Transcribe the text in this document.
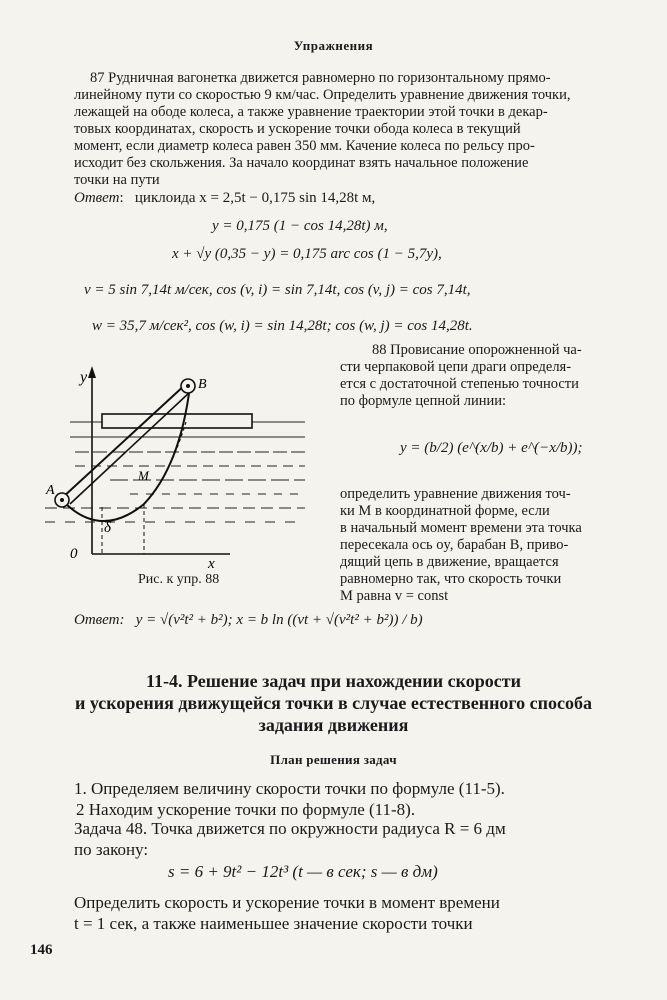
Упражнения
87 Рудничная вагонетка движется равномерно по горизонтальному прямо-
линейному пути со скоростью 9 км/час. Определить уравнение движения точки,
лежащей на ободе колеса, а также уравнение траектории этой точки в декар-
товых координатах, скорость и ускорение точки обода колеса в текущий
момент, если диаметр колеса равен 350 мм. Качение колеса по рельсу про-
исходит без скольжения. За начало координат взять начальное положение
точки на пути
Ответ:   циклоида x = 2,5t − 0,175 sin 14,28t м,
y = 0,175 (1 − cos 14,28t) м,
x + √y (0,35 − y) = 0,175 arc cos (1 − 5,7y),
v = 5 sin 7,14t м/сек, cos (v, i) = sin 7,14t, cos (v, j) = cos 7,14t,
w = 35,7 м/сек², cos (w, i) = sin 14,28t; cos (w, j) = cos 14,28t.
y
x
0
A
B
M
δ
Рис. к упр. 88
88 Провисание опорожненной ча-
сти черпаковой цепи драги определя-
ется с достаточной степенью точности
по формуле цепной линии:
y = (b/2) (e^(x/b) + e^(−x/b));
определить уравнение движения точ-
ки M в координатной форме, если
в начальный момент времени эта точка
пересекала ось oy, барабан B, приво-
дящий цепь в движение, вращается
равномерно так, что скорость точки
M равна v = const
Ответ: y = √(v²t² + b²); x = b ln ((vt + √(v²t² + b²)) / b)
11-4. Решение задач при нахождении скорости
и ускорения движущейся точки в случае естественного способа
задания движения
План решения задач
1. Определяем величину скорости точки по формуле (11-5).
2 Находим ускорение точки по формуле (11-8).
Задача 48. Точка движется по окружности радиуса R = 6 дм
по закону:
s = 6 + 9t² − 12t³ (t — в сек; s — в дм)
Определить скорость и ускорение точки в момент времени
t = 1 сек, а также наименьшее значение скорости точки
146
